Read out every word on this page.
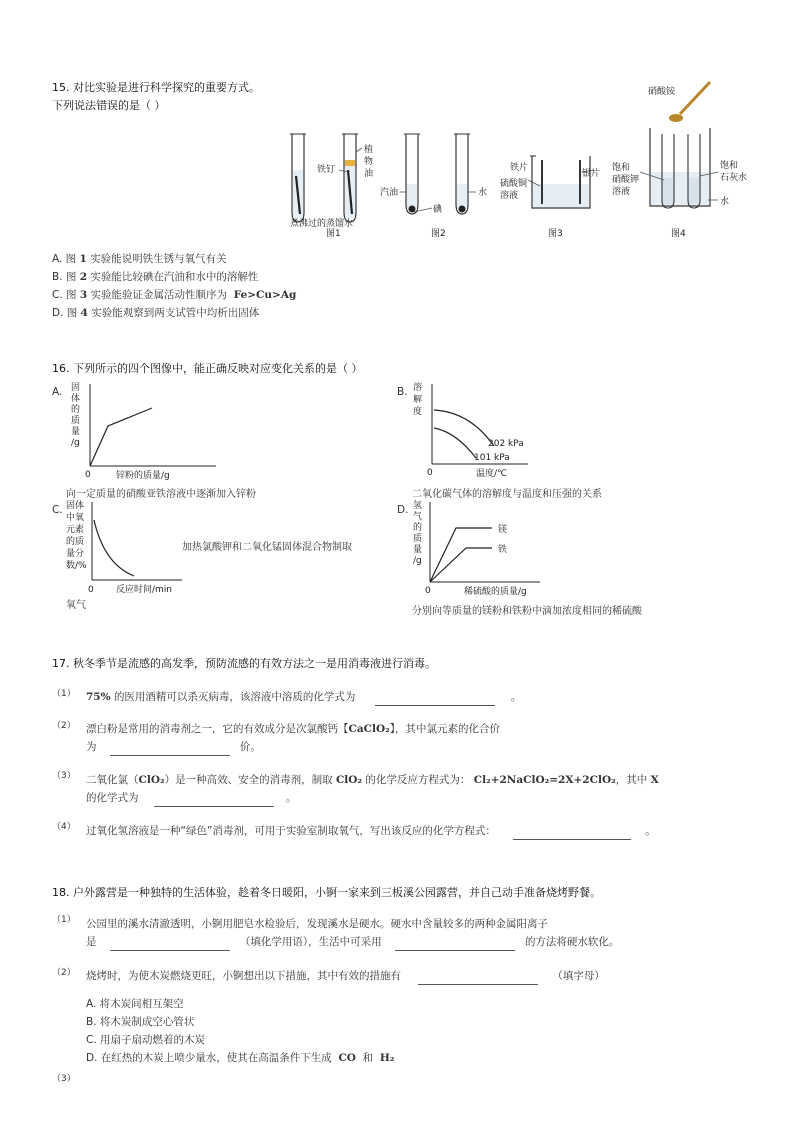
15. 对比实验是进行科学探究的重要方式。
下列说法错误的是（ ）
铁钉
植
物
油
煮沸过的蒸馏水
图1
汽油	水
碘
图2
铁片
硫酸铜
溶液
银片
图3
硝酸铵
饱和
硝酸钾
溶液
饱和
石灰水
水
图4
A. 图 1 实验能说明铁生锈与氧气有关
B. 图 2 实验能比较碘在汽油和水中的溶解性
C. 图 3 实验能验证金属活动性顺序为 Fe>Cu>Ag
D. 图 4 实验能观察到两支试管中均析出固体
16. 下列所示的四个图像中，能正确反映对应变化关系的是（ ）
A. 固
体
的
质
量
/g
0	锌粉的质量/g
向一定质量的硝酸亚铁溶液中逐渐加入锌粉
B. 溶
解
度
202 kPa
101 kPa
0	温度/℃
二氧化碳气体的溶解度与温度和压强的关系
C. 固体
中氧
元素
的质
量分
数/%
0 反应时间/min
加热氯酸钾和二氧化锰固体混合物制取
氧气
D. 氢
气
的
质
量
/g
镁
铁
0	稀硫酸的质量/g
分别向等质量的镁粉和铁粉中滴加浓度相同的稀硫酸
17. 秋冬季节是流感的高发季，预防流感的有效方法之一是用消毒液进行消毒。
（1） 75% 的医用酒精可以杀灭病毒，该溶液中溶质的化学式为	。
（2） 漂白粉是常用的消毒剂之一，它的有效成分是次氯酸钙【CaClO₂】，其中氯元素的化合价
为	价。
（3） 二氧化氯（ClO₂）是一种高效、安全的消毒剂，制取 ClO₂ 的化学反应方程式为： Cl₂+2NaClO₂=2X+2ClO₂，其中 X
的化学式为	。
（4） 过氧化氢溶液是一种“绿色”消毒剂，可用于实验室制取氧气，写出该反应的化学方程式：	。
18. 户外露营是一种独特的生活体验，趁着冬日暖阳，小锕一家来到三板溪公园露营，并自己动手准备烧烤野餐。
（1） 公园里的溪水清澈透明，小锕用肥皂水检验后，发现溪水是硬水。硬水中含量较多的两种金属阳离子
是	（填化学用语），生活中可采用	的方法将硬水软化。
（2） 烧烤时，为使木炭燃烧更旺，小锕想出以下措施，其中有效的措施有	（填字母）
A. 将木炭间相互架空
B. 将木炭制成空心管状
C. 用扇子扇动燃着的木炭
D. 在红热的木炭上喷少量水，使其在高温条件下生成 CO 和 H₂
（3）
